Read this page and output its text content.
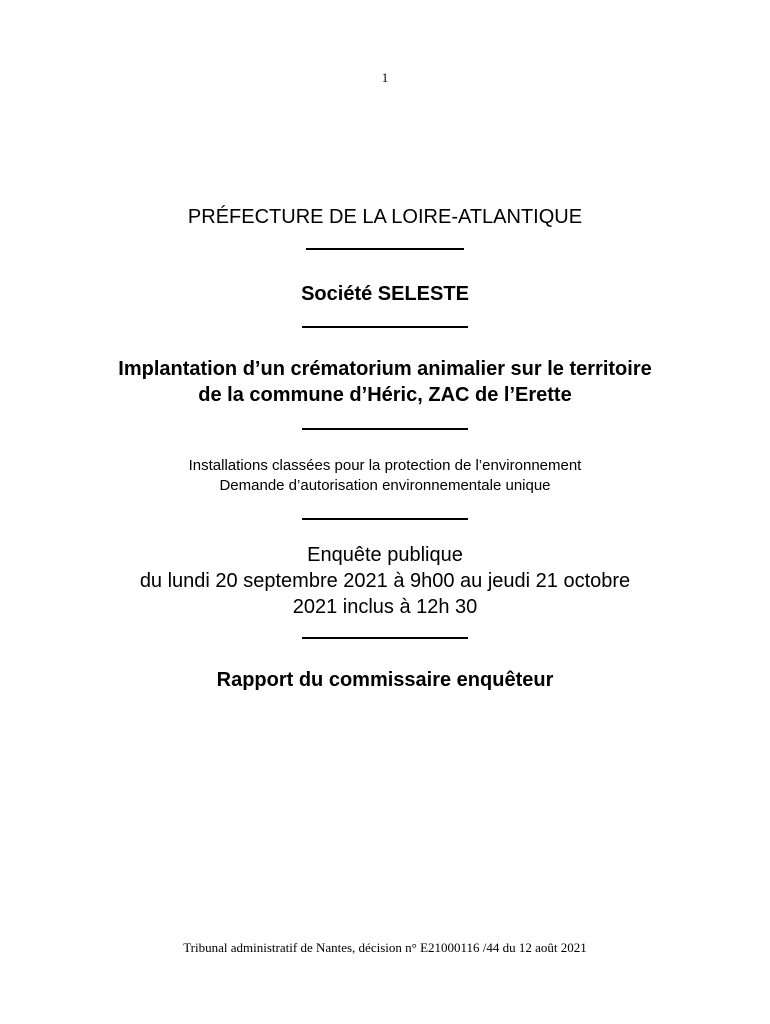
1
PRÉFECTURE DE LA LOIRE-ATLANTIQUE
Société SELESTE
Implantation d’un crématorium animalier sur le territoire
de la commune d’Héric, ZAC de l’Erette
Installations classées pour la protection de l’environnement
Demande d’autorisation environnementale unique
Enquête publique
du lundi 20 septembre 2021 à 9h00 au jeudi 21 octobre
2021 inclus à 12h 30
Rapport du commissaire enquêteur
Tribunal administratif de Nantes, décision n° E21000116 /44 du 12 août 2021
